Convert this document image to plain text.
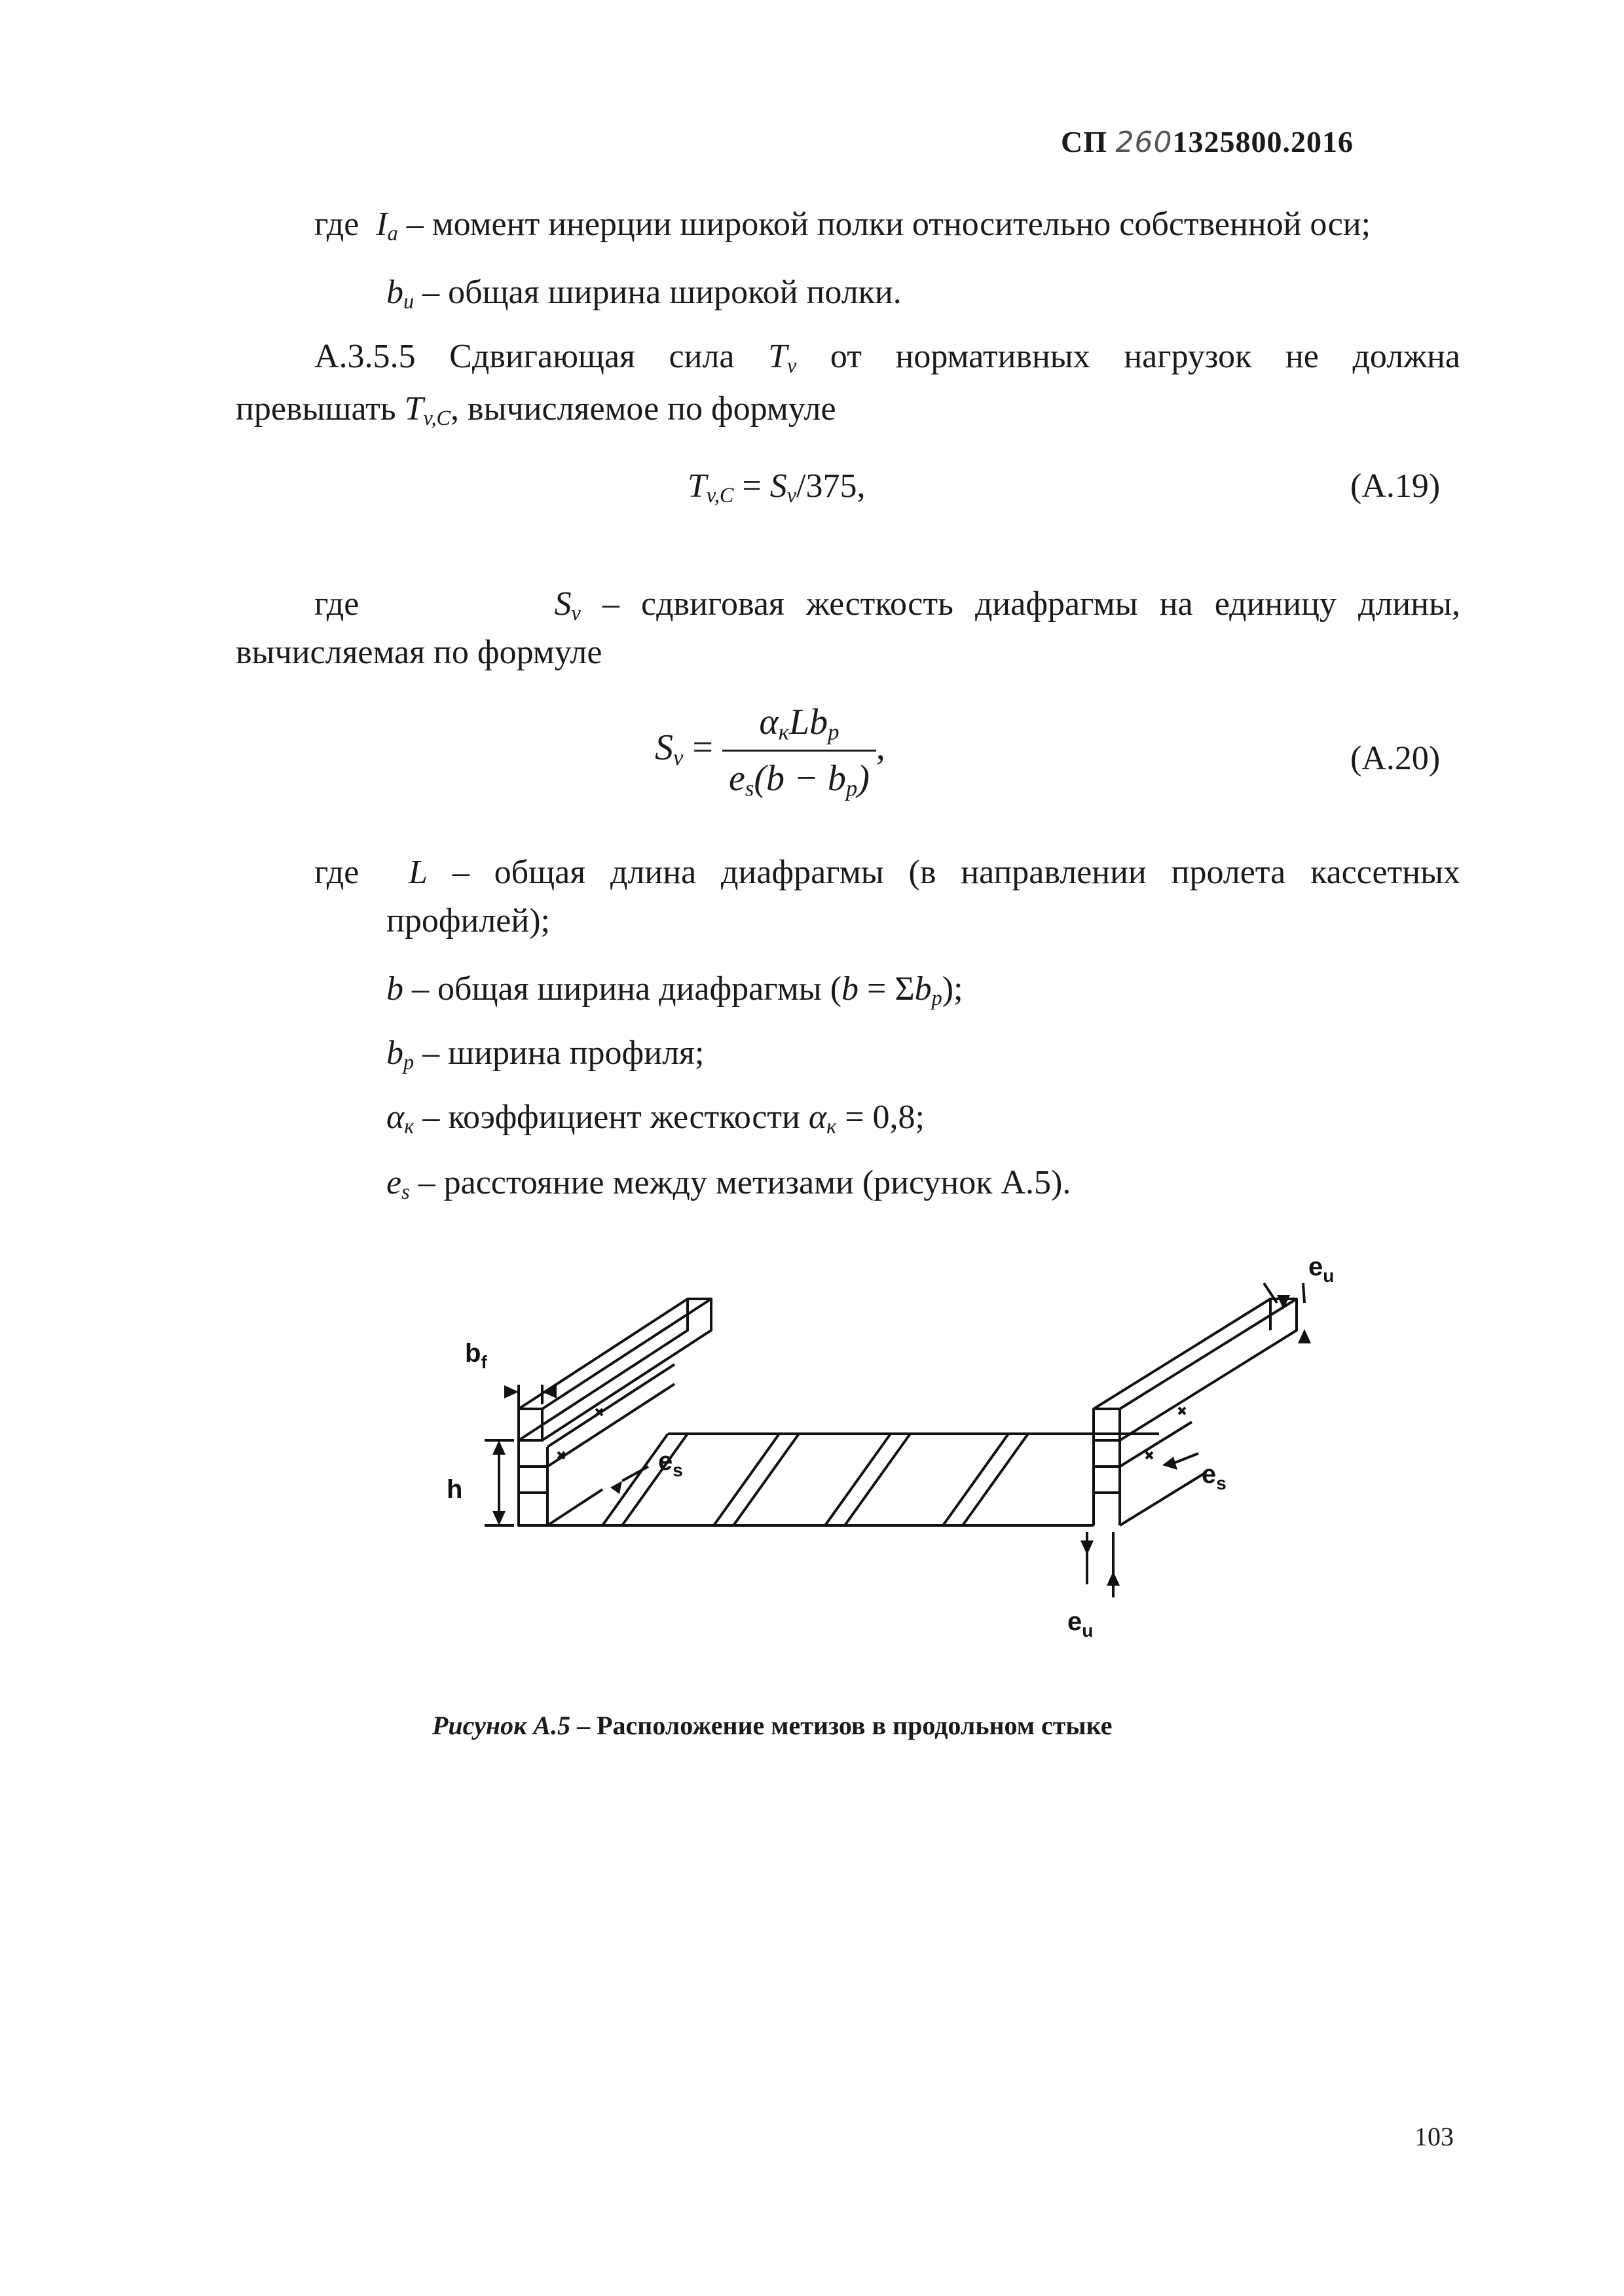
СП 2601325800.2016
где $I_a$ – момент инерции широкой полки относительно собственной оси;
$b_u$ – общая ширина широкой полки.
А.3.5.5 Сдвигающая сила $T_v$ от нормативных нагрузок не должна
превышать $T_{v,C}$, вычисляемое по формуле
$T_{v,C} = S_v/375$,	(А.19)
где	$S_v$ – сдвиговая жесткость диафрагмы на единицу длины,
вычисляемая по формуле
$S_v = \frac{\alpha_кLb_p}{e_s(b - b_p)}$ ,	(А.20)
где L – общая длина диафрагмы (в направлении пролета кассетных
профилей);
b – общая ширина диафрагмы $(b = \Sigma b_p)$;
$b_p$ – ширина профиля;
$\alpha_к$ – коэффициент жесткости $\alpha_к = 0,8$;
$e_s$ – расстояние между метизами (рисунок А.5).
$b_f$
h
$e_s$	$e_s$
$e_u$
$e_u$
Рисунок А.5 – Расположение метизов в продольном стыке
103
